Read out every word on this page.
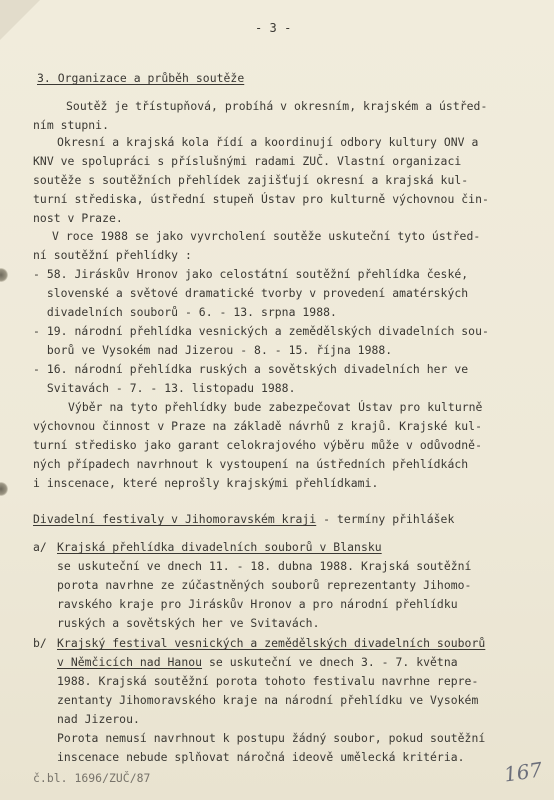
- 3 -
3. Organizace a průběh soutěže
Soutěž je třístupňová, probíhá v okresním, krajském a ústřed-
ním stupni.
Okresní a krajská kola řídí a koordinují odbory kultury ONV a
KNV ve spolupráci s příslušnými radami ZUČ. Vlastní organizaci
soutěže s soutěžních přehlídek zajišťují okresní a krajská kul-
turní střediska, ústřední stupeň Ústav pro kulturně výchovnou čin-
nost v Praze.
V roce 1988 se jako vyvrcholení soutěže uskuteční tyto ústřed-
ní soutěžní přehlídky :
- 58. Jiráskův Hronov jako celostátní soutěžní přehlídka české,
slovenské a světové dramatické tvorby v provedení amatérských
divadelních souborů - 6. - 13. srpna 1988.
- 19. národní přehlídka vesnických a zemědělských divadelních sou-
borů ve Vysokém nad Jizerou - 8. - 15. října 1988.
- 16. národní přehlídka ruských a sovětských divadelních her ve
Svitavách - 7. - 13. listopadu 1988.
Výběr na tyto přehlídky bude zabezpečovat Ústav pro kulturně
výchovnou činnost v Praze na základě návrhů z krajů. Krajské kul-
turní středisko jako garant celokrajového výběru může v odůvodně-
ných případech navrhnout k vystoupení na ústředních přehlídkách
i inscenace, které neprošly krajskými přehlídkami.
Divadelní festivaly v Jihomoravském kraji - termíny přihlášek
a/ Krajská přehlídka divadelních souborů v Blansku
se uskuteční ve dnech 11. - 18. dubna 1988. Krajská soutěžní
porota navrhne ze zúčastněných souborů reprezentanty Jihomo-
ravského kraje pro Jiráskův Hronov a pro národní přehlídku
ruských a sovětských her ve Svitavách.
b/ Krajský festival vesnických a zemědělských divadelních souborů
v Němčicích nad Hanou se uskuteční ve dnech 3. - 7. května
1988. Krajská soutěžní porota tohoto festivalu navrhne repre-
zentanty Jihomoravského kraje na národní přehlídku ve Vysokém
nad Jizerou.
Porota nemusí navrhnout k postupu žádný soubor, pokud soutěžní
inscenace nebude splňovat náročná ideově umělecká kritéria.
č.bl. 1696/ZUČ/87	167
